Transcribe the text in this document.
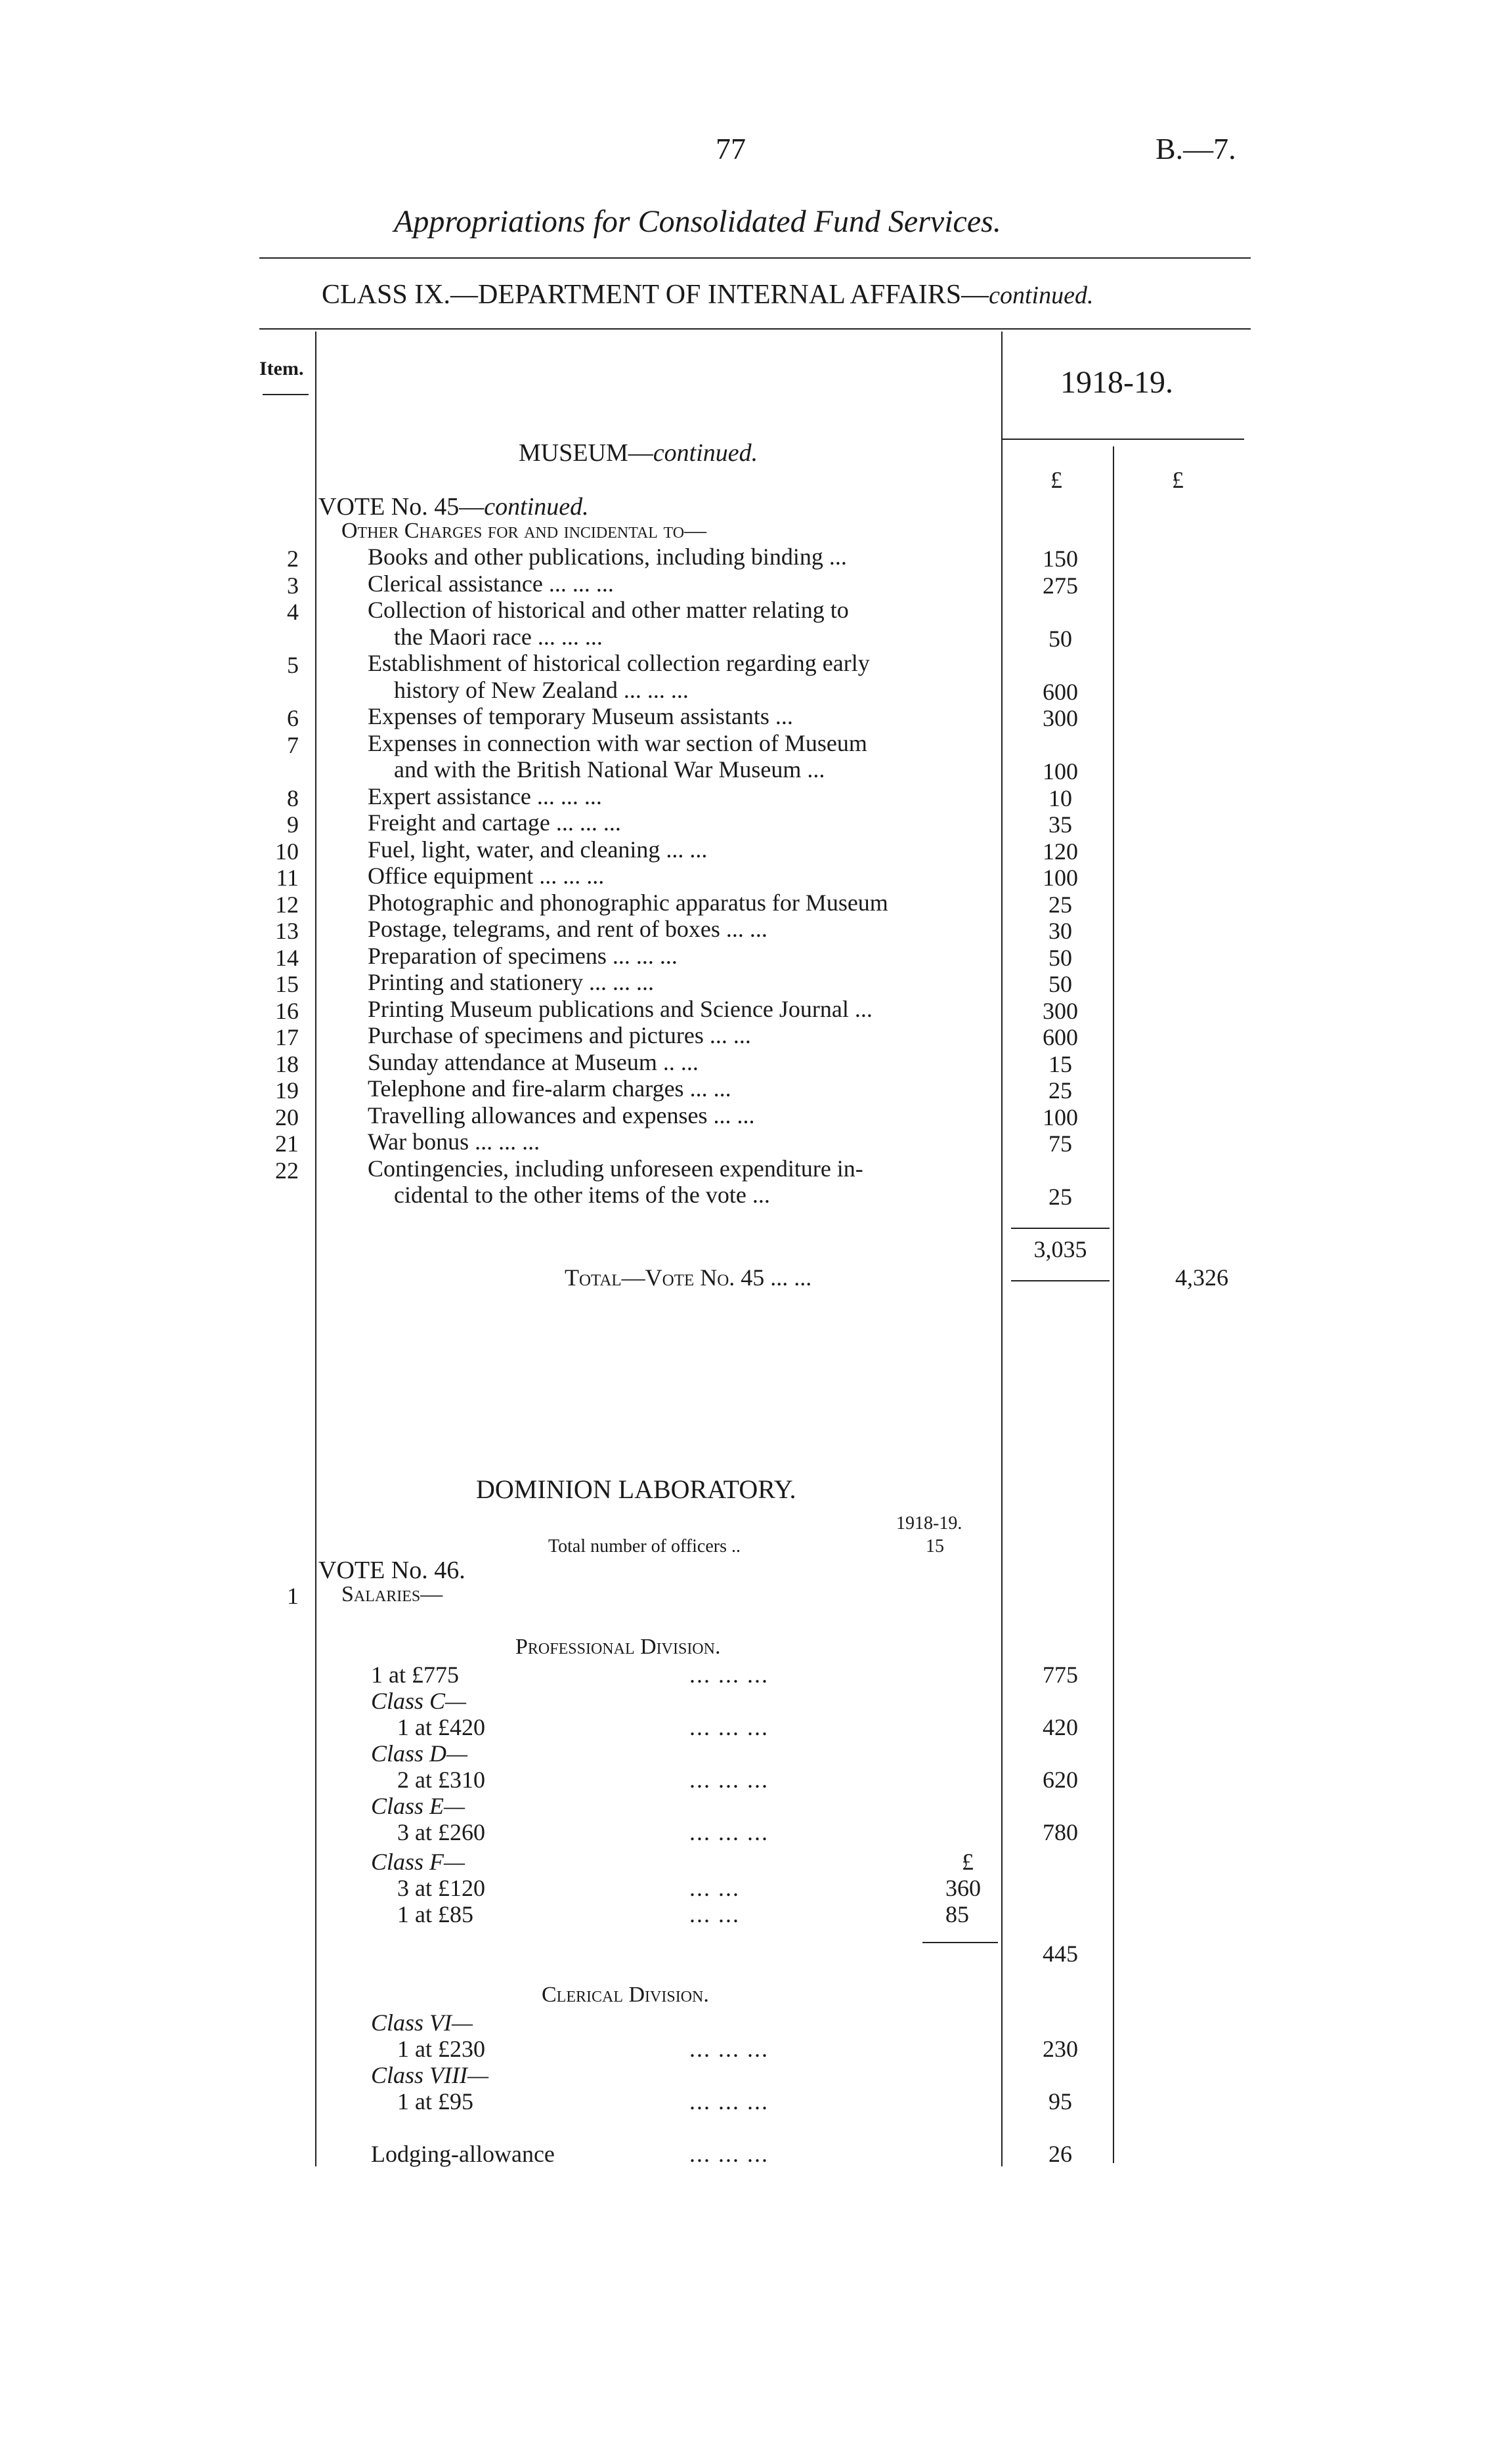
77	B.—7.
Appropriations for Consolidated Fund Services.
CLASS IX.—DEPARTMENT OF INTERNAL AFFAIRS—continued.
Item.	1918-19.
£	£
MUSEUM—continued.
VOTE No. 45—continued.
Other Charges for and incidental to—
2	Books and other publications, including binding ...	150
3	Clerical assistance ... ... ...	275
4	Collection of historical and other matter relating to
the Maori race ... ... ...	50
5	Establishment of historical collection regarding early
history of New Zealand ... ... ...	600
6	Expenses of temporary Museum assistants ...	300
7	Expenses in connection with war section of Museum
and with the British National War Museum ...	100
8	Expert assistance ... ... ...	10
9	Freight and cartage ... ... ...	35
10	Fuel, light, water, and cleaning ... ...	120
11	Office equipment ... ... ...	100
12	Photographic and phonographic apparatus for Museum	25
13	Postage, telegrams, and rent of boxes ... ...	30
14	Preparation of specimens ... ... ...	50
15	Printing and stationery ... ... ...	50
16	Printing Museum publications and Science Journal ...	300
17	Purchase of specimens and pictures ... ...	600
18	Sunday attendance at Museum .. ...	15
19	Telephone and fire-alarm charges ... ...	25
20	Travelling allowances and expenses ... ...	100
21	War bonus ... ... ...	75
22	Contingencies, including unforeseen expenditure in-
cidental to the other items of the vote ...	25
3,035
Total—Vote No. 45 ... ...	4,326
DOMINION LABORATORY.
1918-19.
Total number of officers ..	15
VOTE No. 46.
1 Salaries—
Professional Division.
1 at £775	... ... ...	775
Class C—
1 at £420	... ... ...	420
Class D—
2 at £310	... ... ...	620
Class E—
3 at £260	... ... ...	780
Class F—	£
3 at £120	... ...	360
1 at £85	... ...	85
445
Clerical Division.
Class VI—
1 at £230	... ... ...	230
Class VIII—
1 at £95	... ... ...	95
Lodging-allowance	... ... ...	26
